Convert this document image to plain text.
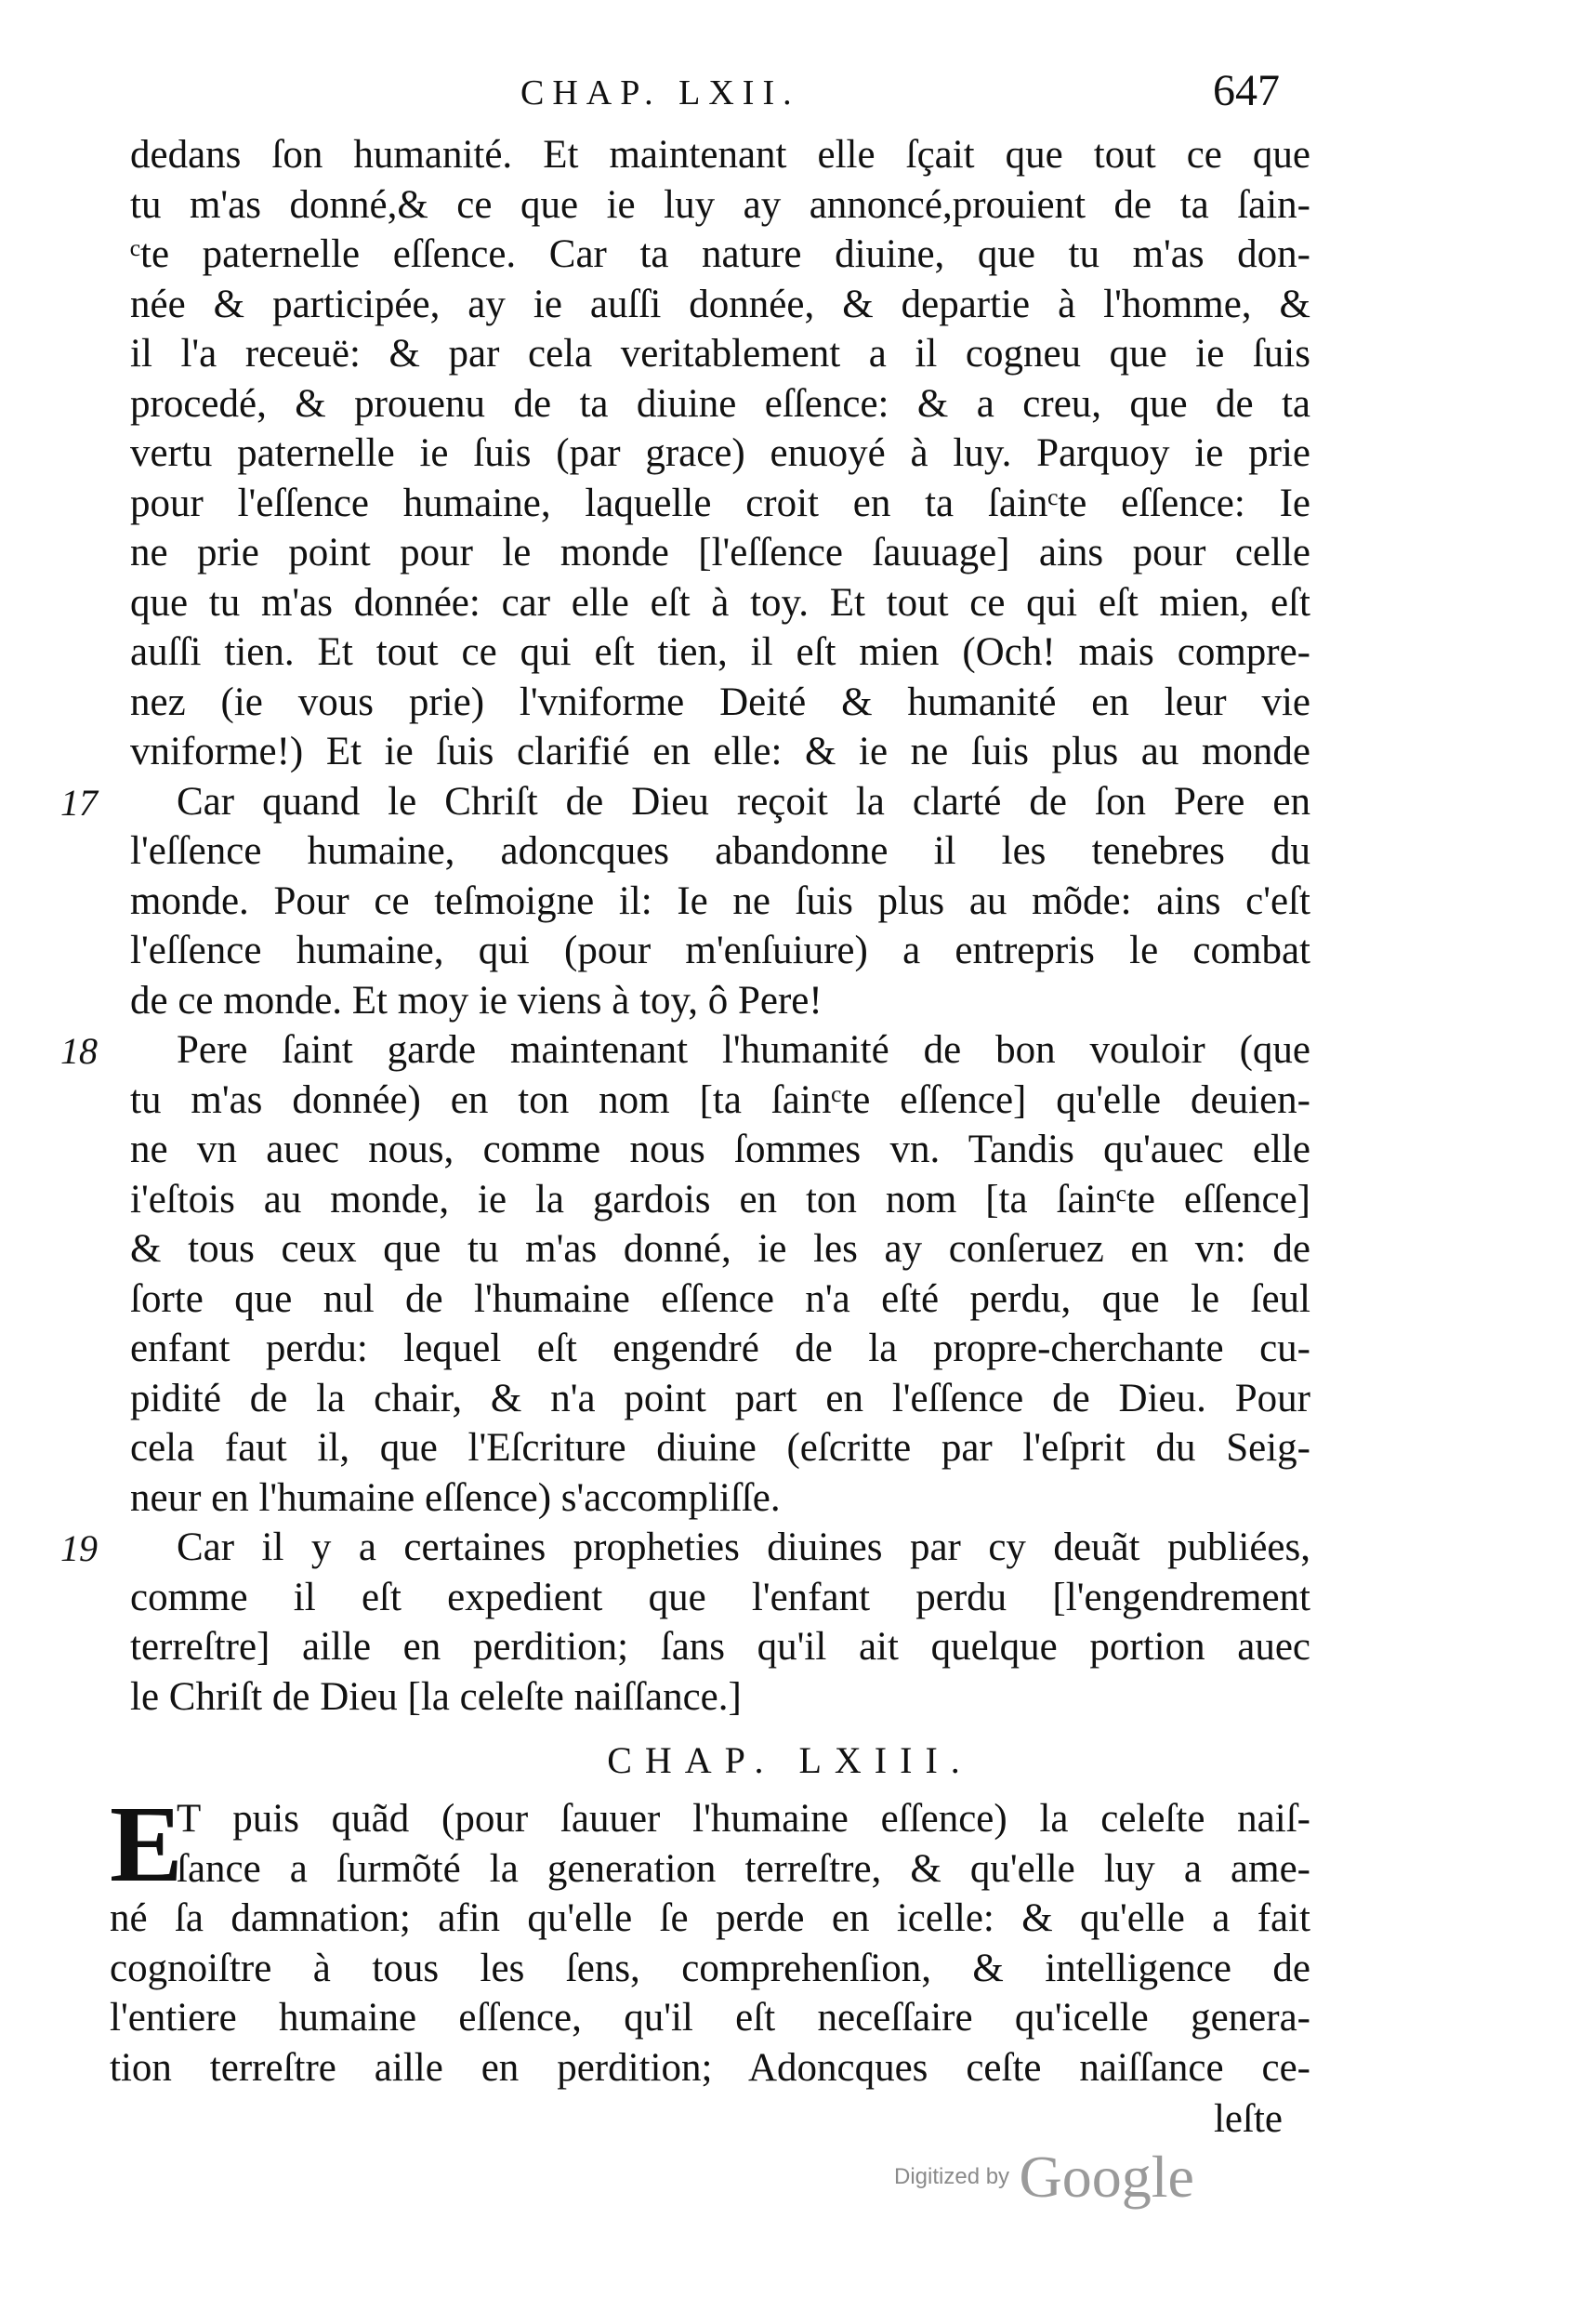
CHAP. LXII.	647
dedans ſon humanité. Et maintenant elle ſçait que tout ce que
tu m'as donné,& ce que ie luy ay annoncé,prouient de ta ſain-
ᶜte paternelle eſſence. Car ta nature diuine, que tu m'as don-
née & participée, ay ie auſſi donnée, & departie à l'homme, &
il l'a receuë: & par cela veritablement a il cogneu que ie ſuis
procedé, & prouenu de ta diuine eſſence: & a creu, que de ta
vertu paternelle ie ſuis (par grace) enuoyé à luy. Parquoy ie prie
pour l'eſſence humaine, laquelle croit en ta ſainᶜte eſſence: Ie
ne prie point pour le monde [l'eſſence ſauuage] ains pour celle
que tu m'as donnée: car elle eſt à toy. Et tout ce qui eſt mien, eſt
auſſi tien. Et tout ce qui eſt tien, il eſt mien (Och! mais compre-
nez (ie vous prie) l'vniforme Deité & humanité en leur vie
vniforme!) Et ie ſuis clarifié en elle: & ie ne ſuis plus au monde
Car quand le Chriſt de Dieu reçoit la clarté de ſon Pere en
l'eſſence humaine, adoncques abandonne il les tenebres du
monde. Pour ce teſmoigne il: Ie ne ſuis plus au mõde: ains c'eſt
l'eſſence humaine, qui (pour m'enſuiure) a entrepris le combat
de ce monde. Et moy ie viens à toy, ô Pere!
Pere ſaint garde maintenant l'humanité de bon vouloir (que
tu m'as donnée) en ton nom [ta ſainᶜte eſſence] qu'elle deuien-
ne vn auec nous, comme nous ſommes vn. Tandis qu'auec elle
i'eſtois au monde, ie la gardois en ton nom [ta ſainᶜte eſſence]
& tous ceux que tu m'as donné, ie les ay conſeruez en vn: de
ſorte que nul de l'humaine eſſence n'a eſté perdu, que le ſeul
enfant perdu: lequel eſt engendré de la propre-cherchante cu-
pidité de la chair, & n'a point part en l'eſſence de Dieu. Pour
cela faut il, que l'Eſcriture diuine (eſcritte par l'eſprit du Seig-
neur en l'humaine eſſence) s'accompliſſe.
Car il y a certaines propheties diuines par cy deuãt publiées,
comme il eſt expedient que l'enfant perdu [l'engendrement
terreſtre] aille en perdition; ſans qu'il ait quelque portion auec
le Chriſt de Dieu [la celeſte naiſſance.]
17
18
19
CHAP. LXIII.
E
T puis quãd (pour ſauuer l'humaine eſſence) la celeſte naiſ-
ſance a ſurmõté la generation terreſtre, & qu'elle luy a ame-
né ſa damnation; afin qu'elle ſe perde en icelle: & qu'elle a fait
cognoiſtre à tous les ſens, comprehenſion, & intelligence de
l'entiere humaine eſſence, qu'il eſt neceſſaire qu'icelle genera-
tion terreſtre aille en perdition; Adoncques ceſte naiſſance ce-
leſte
Digitized by Google
